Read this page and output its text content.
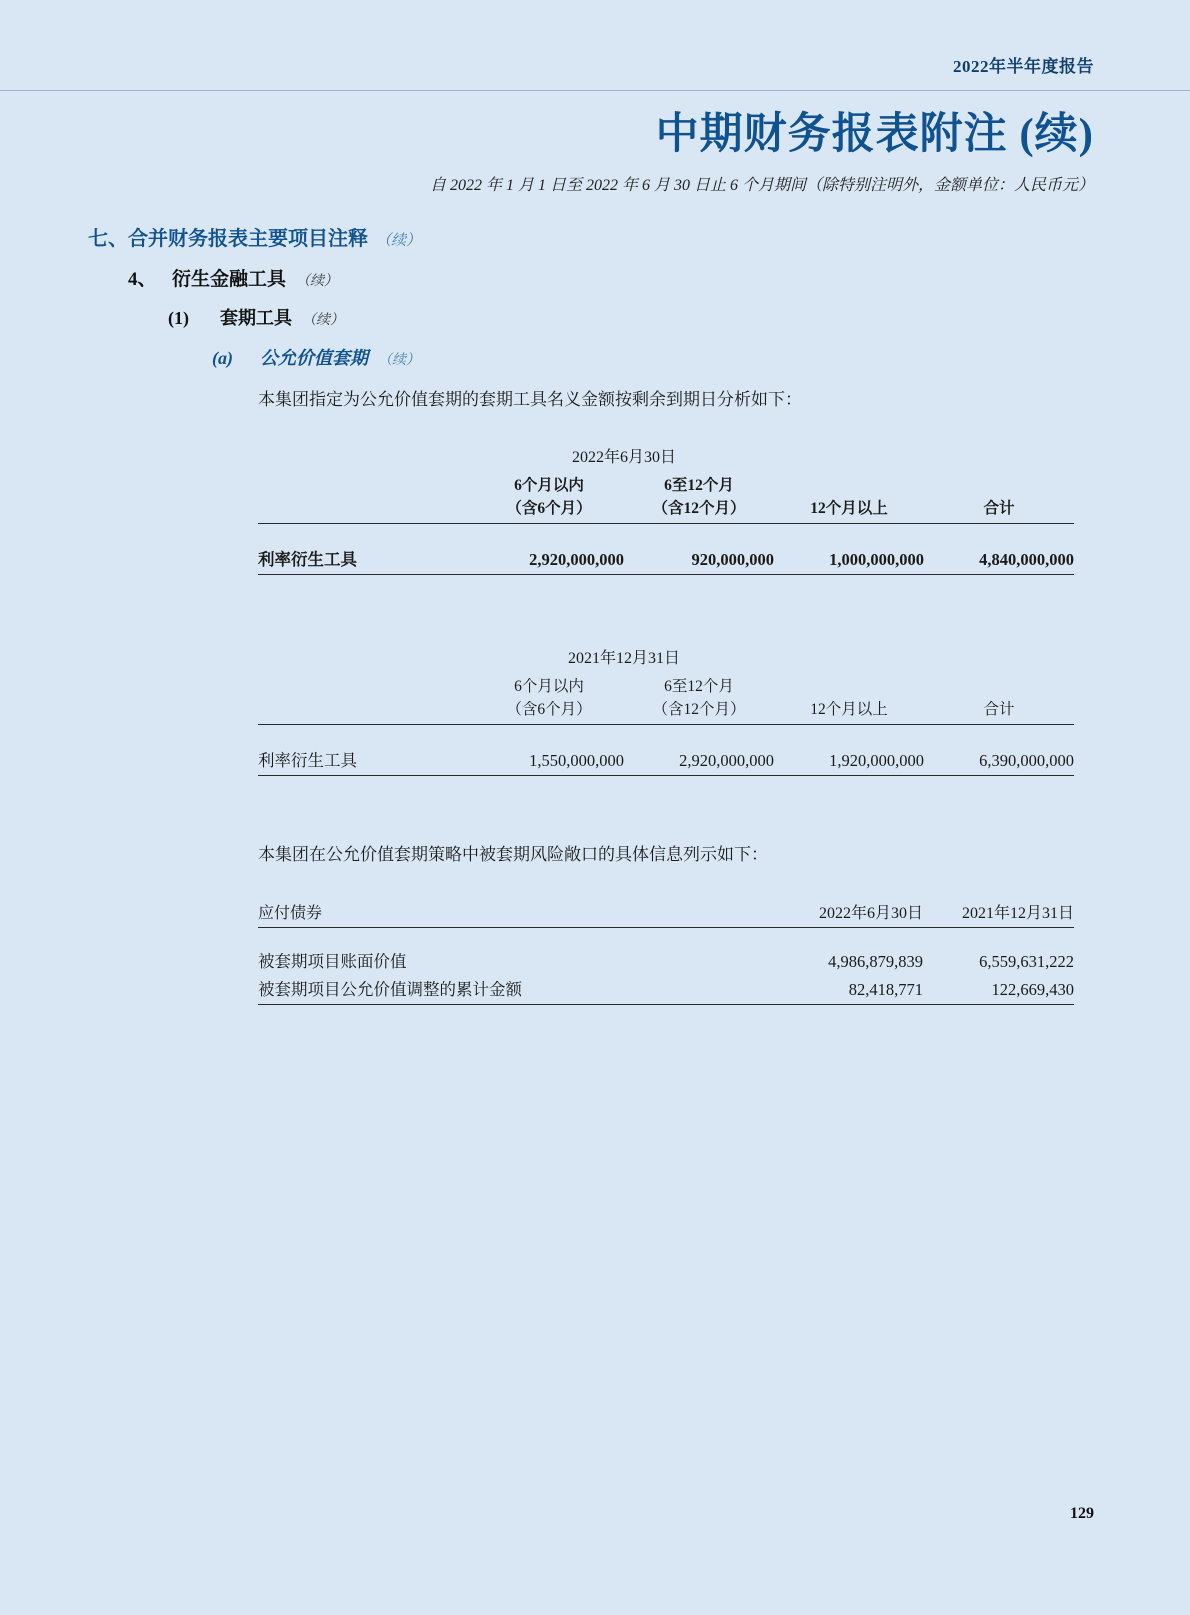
2022年半年度报告
中期财务报表附注 (续)
自 2022 年 1 月 1 日至 2022 年 6 月 30 日止 6 个月期间（除特别注明外，金额单位：人民币元）
七、合并财务报表主要项目注释 （续）
4、 衍生金融工具 （续）
(1) 套期工具 （续）
(a) 公允价值套期 （续）
本集团指定为公允价值套期的套期工具名义金额按剩余到期日分析如下：
	2022年6月30日			
	6个月以内	6至12个月		
	（含6个月）	（含12个月）	12个月以上	合计

利率衍生工具	2,920,000,000	920,000,000	1,000,000,000	4,840,000,000

	2021年12月31日			
	6个月以内	6至12个月		
	（含6个月）	（含12个月）	12个月以上	合计

利率衍生工具	1,550,000,000	2,920,000,000	1,920,000,000	6,390,000,000

本集团在公允价值套期策略中被套期风险敞口的具体信息列示如下：
应付债券	2022年6月30日	2021年12月31日

被套期项目账面价值	4,986,879,839	6,559,631,222
被套期项目公允价值调整的累计金额	82,418,771	122,669,430

129
